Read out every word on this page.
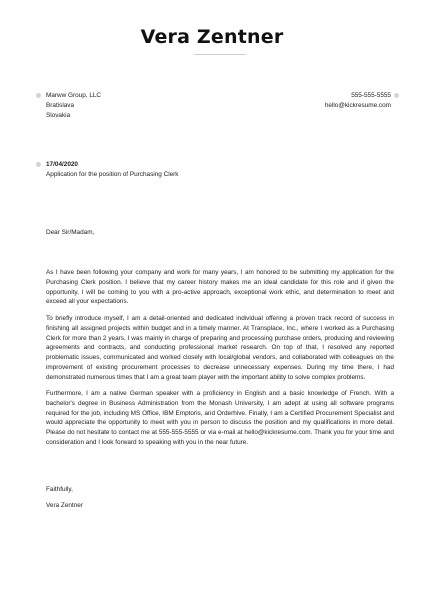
Vera Zentner
Marww Group, LLC
Bratislava
Slovakia
555-555-5555
hello@kickresume.com
17/04/2020
Application for the position of Purchasing Clerk
Dear Sir/Madam,
As I have been following your company and work for many years, I am honored to be submitting my application for the Purchasing Clerk position. I believe that my career history makes me an ideal candidate for this role and if given the opportunity, I will be coming to you with a pro-active approach, exceptional work ethic, and determination to meet and exceed all your expectations.
To briefly introduce myself, I am a detail-oriented and dedicated individual offering a proven track record of success in finishing all assigned projects within budget and in a timely manner. At Transplace, Inc., where I worked as a Purchasing Clerk for more than 2 years, I was mainly in charge of preparing and processing purchase orders, producing and reviewing agreements and contracts, and conducting professional market research. On top of that, I resolved any reported problematic issues, communicated and worked closely with local/global vendors, and collaborated with colleagues on the improvement of existing procurement processes to decrease unnecessary expenses. During my time there, I had demonstrated numerous times that I am a great team player with the important ability to solve complex problems.
Furthermore, I am a native German speaker with a proficiency in English and a basic knowledge of French. With a bachelor's degree in Business Administration from the Monash University, I am adept at using all software programs required for the job, including MS Office, IBM Emptoris, and Orderhive. Finally, I am a Certified Procurement Specialist and would appreciate the opportunity to meet with you in person to discuss the position and my qualifications in more detail. Please do not hesitate to contact me at 555-555-5555 or via e-mail at hello@kickresume.com. Thank you for your time and consideration and I look forward to speaking with you in the near future.
Faithfully,
Vera Zentner
